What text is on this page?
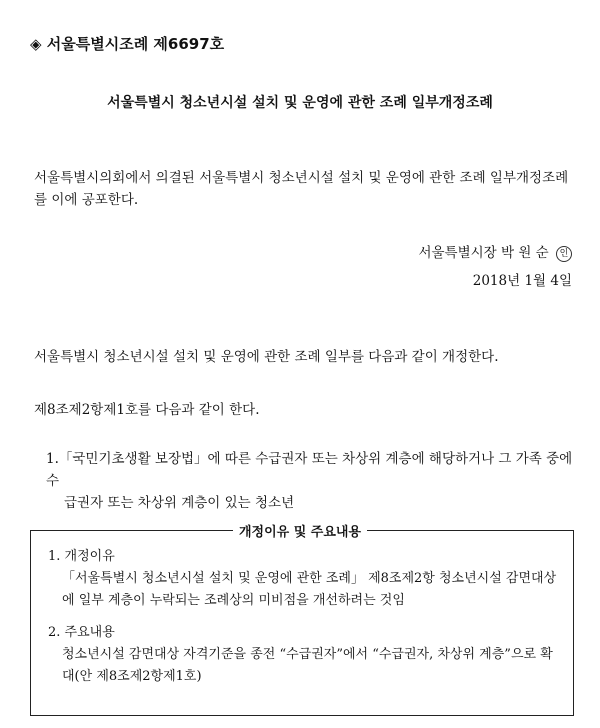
◈ 서울특별시조례 제6697호
서울특별시 청소년시설 설치 및 운영에 관한 조례 일부개정조례
서울특별시의회에서 의결된 서울특별시 청소년시설 설치 및 운영에 관한 조례 일부개정조례를 이에 공포한다.
서울특별시장 박 원 순 인
2018년 1월 4일
서울특별시 청소년시설 설치 및 운영에 관한 조례 일부를 다음과 같이 개정한다.
제8조제2항제1호를 다음과 같이 한다.
1.「국민기초생활 보장법」에 따른 수급권자 또는 차상위 계층에 해당하거나 그 가족 중에 수
급권자 또는 차상위 계층이 있는 청소년
개정이유 및 주요내용
1. 개정이유
「서울특별시 청소년시설 설치 및 운영에 관한 조례」 제8조제2항 청소년시설 감면대상에 일부 계층이 누락되는 조례상의 미비점을 개선하려는 것임
2. 주요내용
청소년시설 감면대상 자격기준을 종전 “수급권자”에서 “수급권자, 차상위 계층”으로 확대(안 제8조제2항제1호)
